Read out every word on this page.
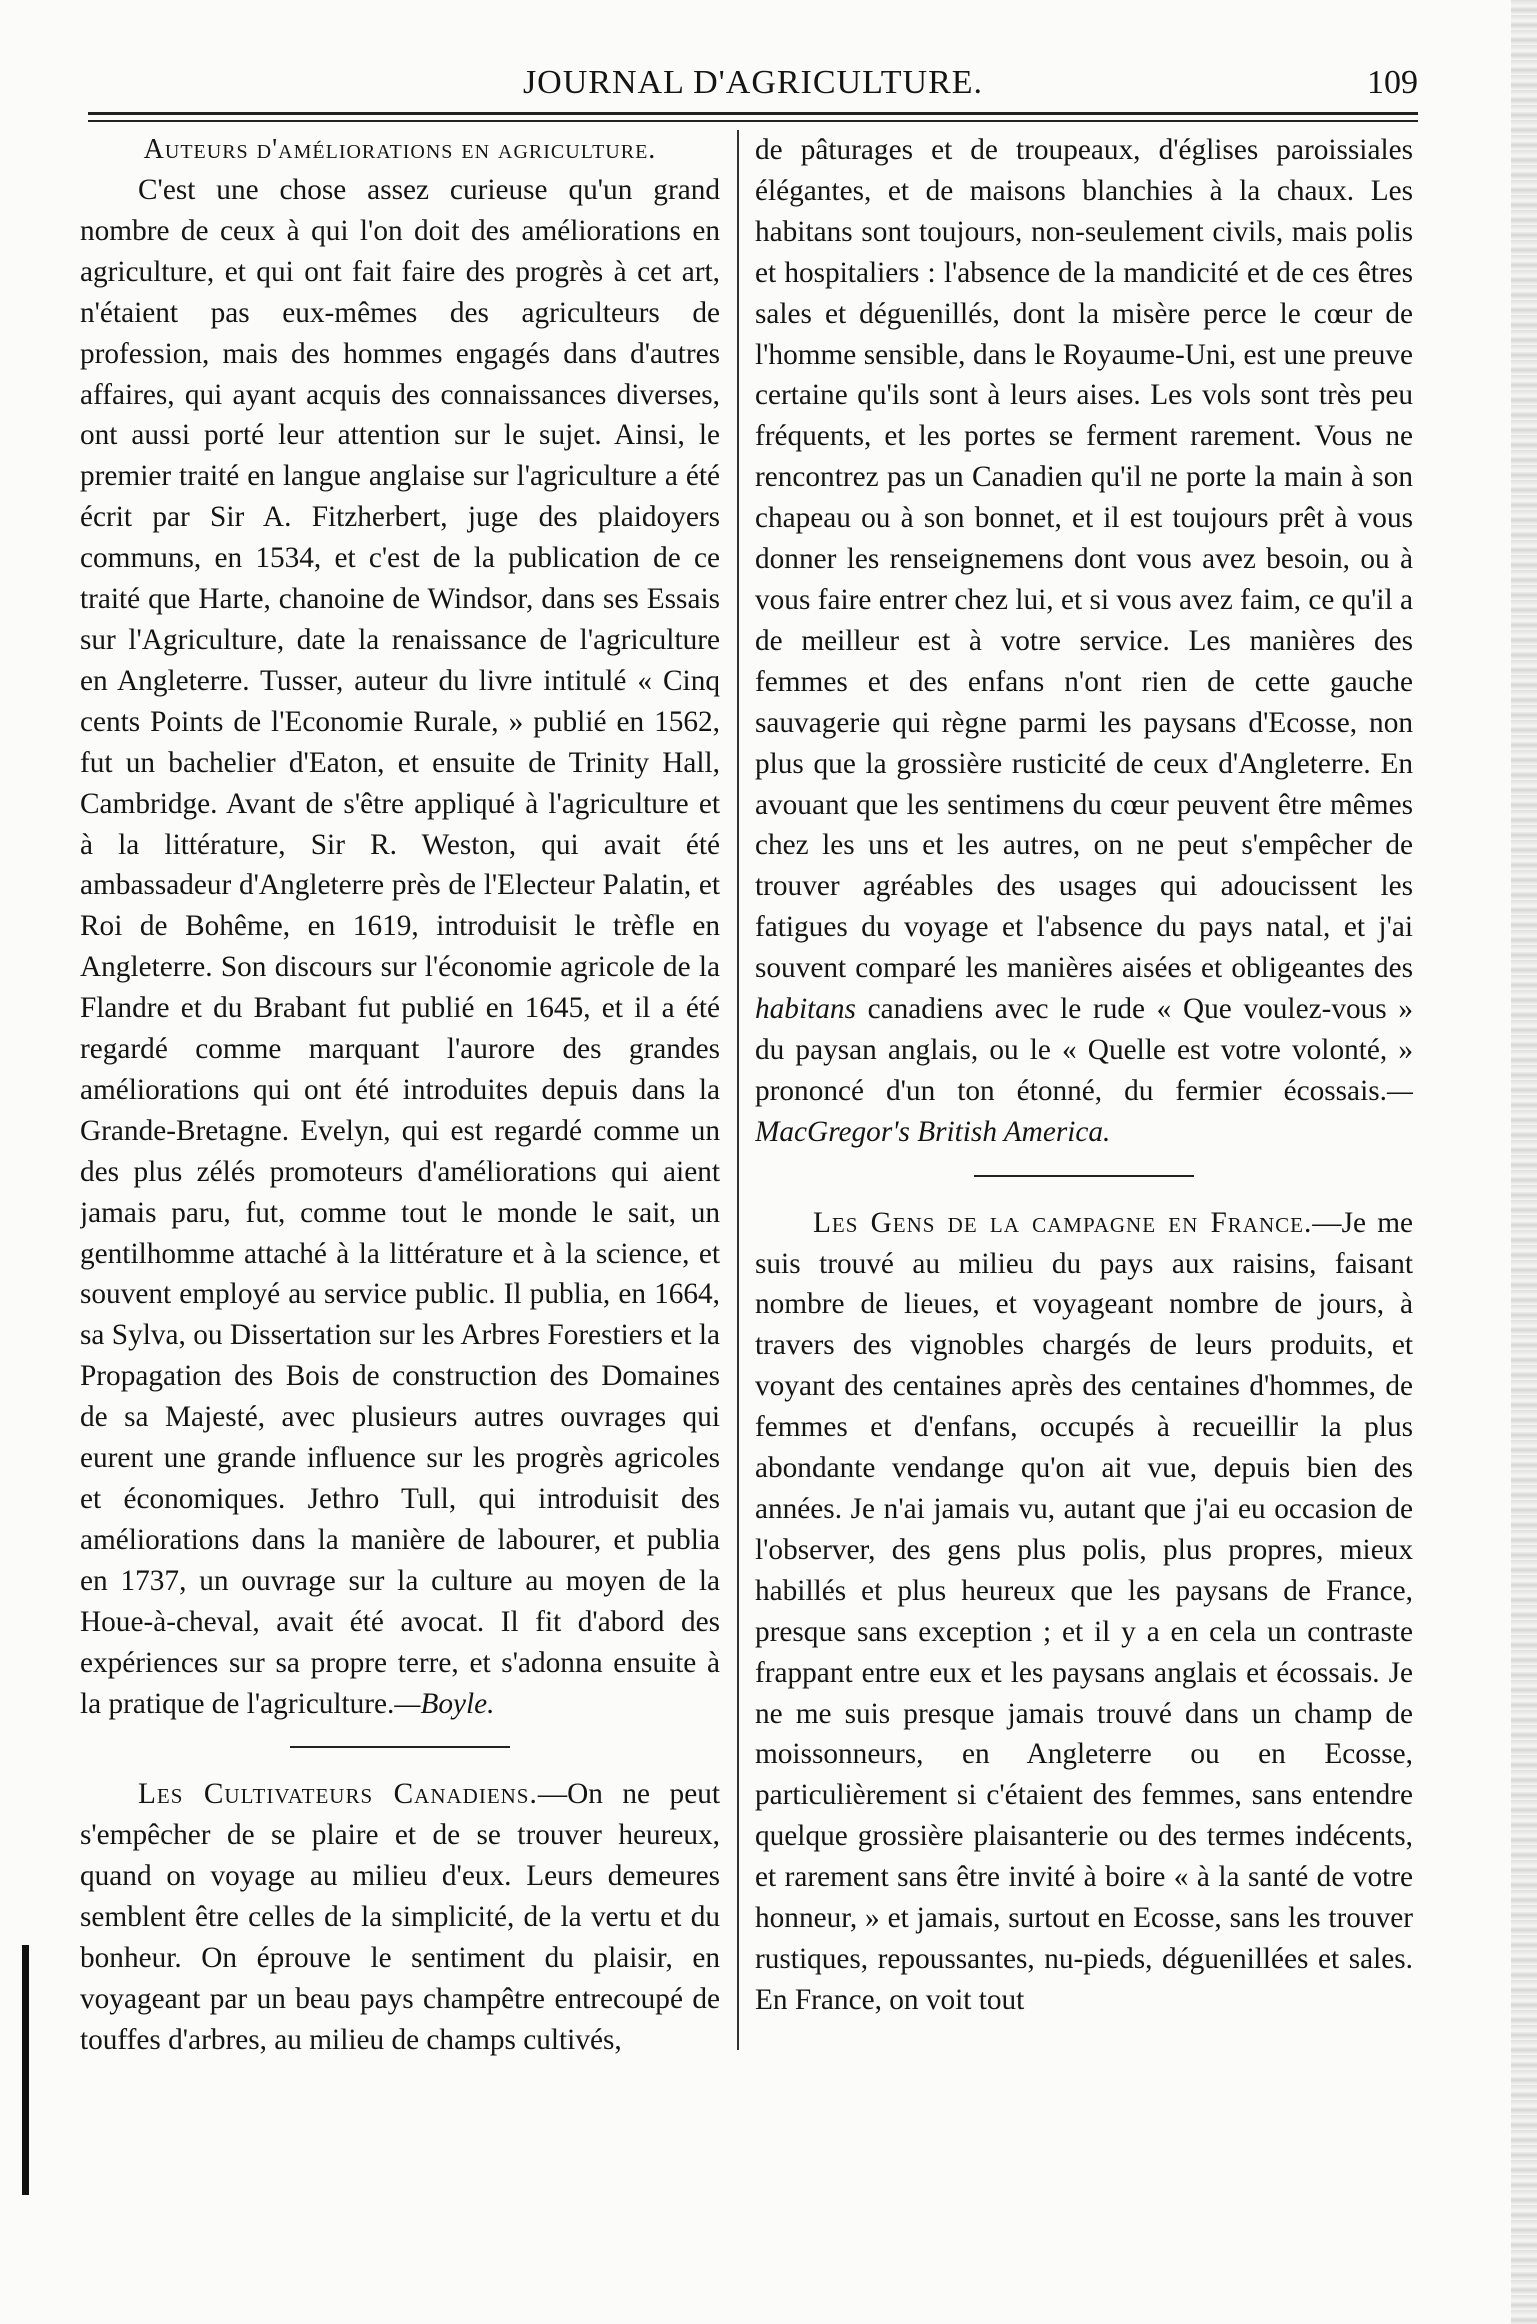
JOURNAL D'AGRICULTURE.	109
Auteurs d'améliorations en agriculture.

C'est une chose assez curieuse qu'un grand nombre de ceux à qui l'on doit des améliorations en agriculture, et qui ont fait faire des progrès à cet art, n'étaient pas eux-mêmes des agriculteurs de profession, mais des hommes engagés dans d'autres affaires, qui ayant acquis des connaissances diverses, ont aussi porté leur attention sur le sujet. Ainsi, le premier traité en langue anglaise sur l'agriculture a été écrit par Sir A. Fitzherbert, juge des plaidoyers communs, en 1534, et c'est de la publication de ce traité que Harte, chanoine de Windsor, dans ses Essais sur l'Agriculture, date la renaissance de l'agriculture en Angleterre. Tusser, auteur du livre intitulé « Cinq cents Points de l'Economie Rurale, » publié en 1562, fut un bachelier d'Eaton, et ensuite de Trinity Hall, Cambridge. Avant de s'être appliqué à l'agriculture et à la littérature, Sir R. Weston, qui avait été ambassadeur d'Angleterre près de l'Electeur Palatin, et Roi de Bohême, en 1619, introduisit le trèfle en Angleterre. Son discours sur l'économie agricole de la Flandre et du Brabant fut publié en 1645, et il a été regardé comme marquant l'aurore des grandes améliorations qui ont été introduites depuis dans la Grande-Bretagne. Evelyn, qui est regardé comme un des plus zélés promoteurs d'améliorations qui aient jamais paru, fut, comme tout le monde le sait, un gentilhomme attaché à la littérature et à la science, et souvent employé au service public. Il publia, en 1664, sa Sylva, ou Dissertation sur les Arbres Forestiers et la Propagation des Bois de construction des Domaines de sa Majesté, avec plusieurs autres ouvrages qui eurent une grande influence sur les progrès agricoles et économiques. Jethro Tull, qui introduisit des améliorations dans la manière de labourer, et publia en 1737, un ouvrage sur la culture au moyen de la Houe-à-cheval, avait été avocat. Il fit d'abord des expériences sur sa propre terre, et s'adonna ensuite à la pratique de l'agriculture.—Boyle.

Les Cultivateurs Canadiens.—On ne peut s'empêcher de se plaire et de se trouver heureux, quand on voyage au milieu d'eux. Leurs demeures semblent être celles de la simplicité, de la vertu et du bonheur. On éprouve le sentiment du plaisir, en voyageant par un beau pays champêtre entrecoupé de touffes d'arbres, au milieu de champs cultivés,

de pâturages et de troupeaux, d'églises paroissiales élégantes, et de maisons blanchies à la chaux. Les habitans sont toujours, non-seulement civils, mais polis et hospitaliers : l'absence de la mandicité et de ces êtres sales et déguenillés, dont la misère perce le cœur de l'homme sensible, dans le Royaume-Uni, est une preuve certaine qu'ils sont à leurs aises. Les vols sont très peu fréquents, et les portes se ferment rarement. Vous ne rencontrez pas un Canadien qu'il ne porte la main à son chapeau ou à son bonnet, et il est toujours prêt à vous donner les renseignemens dont vous avez besoin, ou à vous faire entrer chez lui, et si vous avez faim, ce qu'il a de meilleur est à votre service. Les manières des femmes et des enfans n'ont rien de cette gauche sauvagerie qui règne parmi les paysans d'Ecosse, non plus que la grossière rusticité de ceux d'Angleterre. En avouant que les sentimens du cœur peuvent être mêmes chez les uns et les autres, on ne peut s'empêcher de trouver agréables des usages qui adoucissent les fatigues du voyage et l'absence du pays natal, et j'ai souvent comparé les manières aisées et obligeantes des habitans canadiens avec le rude « Que voulez-vous » du paysan anglais, ou le « Quelle est votre volonté, » prononcé d'un ton étonné, du fermier écossais.—MacGregor's British America.

Les Gens de la campagne en France.—Je me suis trouvé au milieu du pays aux raisins, faisant nombre de lieues, et voyageant nombre de jours, à travers des vignobles chargés de leurs produits, et voyant des centaines après des centaines d'hommes, de femmes et d'enfans, occupés à recueillir la plus abondante vendange qu'on ait vue, depuis bien des années. Je n'ai jamais vu, autant que j'ai eu occasion de l'observer, des gens plus polis, plus propres, mieux habillés et plus heureux que les paysans de France, presque sans exception ; et il y a en cela un contraste frappant entre eux et les paysans anglais et écossais. Je ne me suis presque jamais trouvé dans un champ de moissonneurs, en Angleterre ou en Ecosse, particulièrement si c'étaient des femmes, sans entendre quelque grossière plaisanterie ou des termes indécents, et rarement sans être invité à boire « à la santé de votre honneur, » et jamais, surtout en Ecosse, sans les trouver rustiques, repoussantes, nu-pieds, déguenillées et sales. En France, on voit tout
